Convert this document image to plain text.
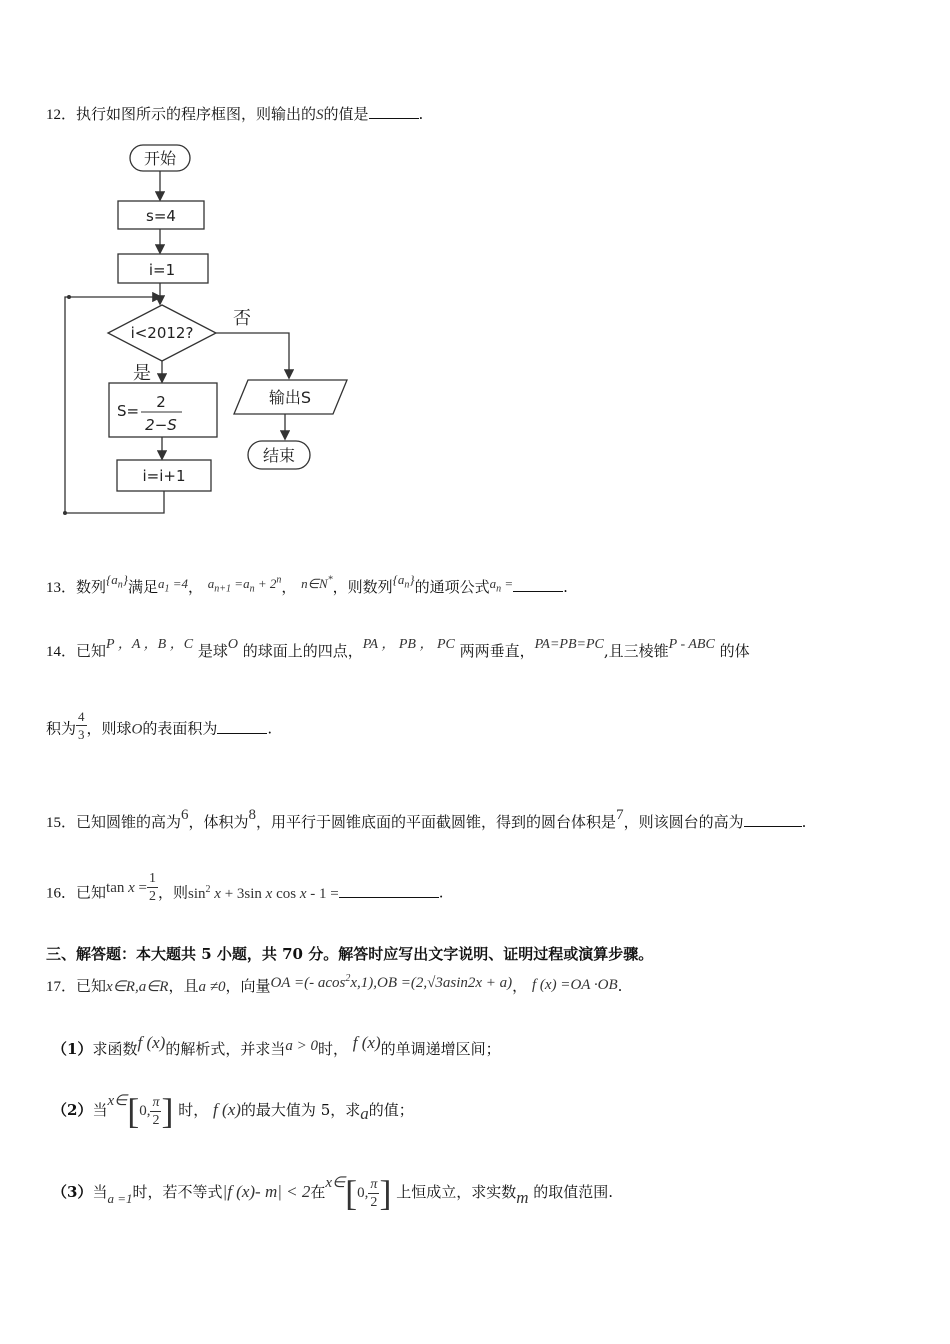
12．执行如图所示的程序框图，则输出的S的值是	.
开始
s=4
i=1
i<2012?
否
是
S= 2
2−S
i=i+1
输出S
结束
13．数列$\{a_n\}$满足$a_1 =4$， $a_{n+1} =a_n + 2^n$， n∈N*，则数列$\{a_n\}$的通项公式$a_n$ =	.
14．已知P ，A ，B ，C 是球O 的球面上的四点，PA ， PB ， PC 两两垂直，PA=PB=PC,且三棱锥P - ABC 的体
积为 $\frac{4}{3}$ ，则球O的表面积为	.
15．已知圆锥的高为6，体积为8，用平行于圆锥底面的平面截圆锥，得到的圆台体积是7，则该圆台的高为	.
16．已知$\tan x = \frac{1}{2}$ ，则$\sin^2 x + 3\sin$ x cos x - 1 =	.
三、解答题：本大题共 5 小题，共 70 分。解答时应写出文字说明、证明过程或演算步骤。
17．已知x∈R,a∈R，且a ≠0，向量OA =(- acos$^2$x,1),OB =(2,√3asin2x + a)， f (x) =OA ·OB.
（1）求函数f (x)的解析式，并求当a > 0时， f (x)的单调递增区间；
（2）当x∈[0, $\frac{\pi}{2}$ ] 时， f (x)的最大值为 5，求a的值；
（3）当a =1时，若不等式|f (x)- m| < 2在x∈[0, $\frac{\pi}{2}$ ] 上恒成立，求实数m 的取值范围.
